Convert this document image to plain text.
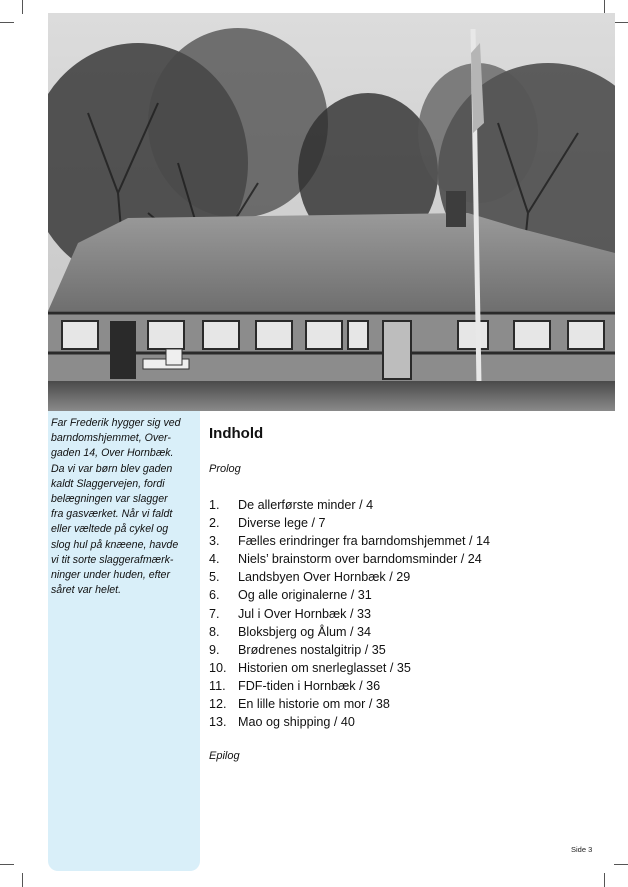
Far Frederik hygger sig ved
barndomshjemmet, Over-
gaden 14, Over Hornbæk.
Da vi var børn blev gaden
kaldt Slaggervejen, fordi
belægningen var slagger
fra gasværket. Når vi faldt
eller væltede på cykel og
slog hul på knæene, havde
vi tit sorte slaggerafmærk-
ninger under huden, efter
såret var helet.
Indhold
Prolog
1. De allerførste minder / 4
2. Diverse lege / 7
3. Fælles erindringer fra barndomshjemmet / 14
4. Niels’ brainstorm over barndomsminder / 24
5. Landsbyen Over Hornbæk / 29
6. Og alle originalerne / 31
7. Jul i Over Hornbæk / 33
8. Bloksbjerg og Ålum / 34
9. Brødrenes nostalgitrip / 35
10. Historien om snerleglasset / 35
11. FDF-tiden i Hornbæk / 36
12. En lille historie om mor / 38
13. Mao og shipping / 40
Epilog
Side 3
